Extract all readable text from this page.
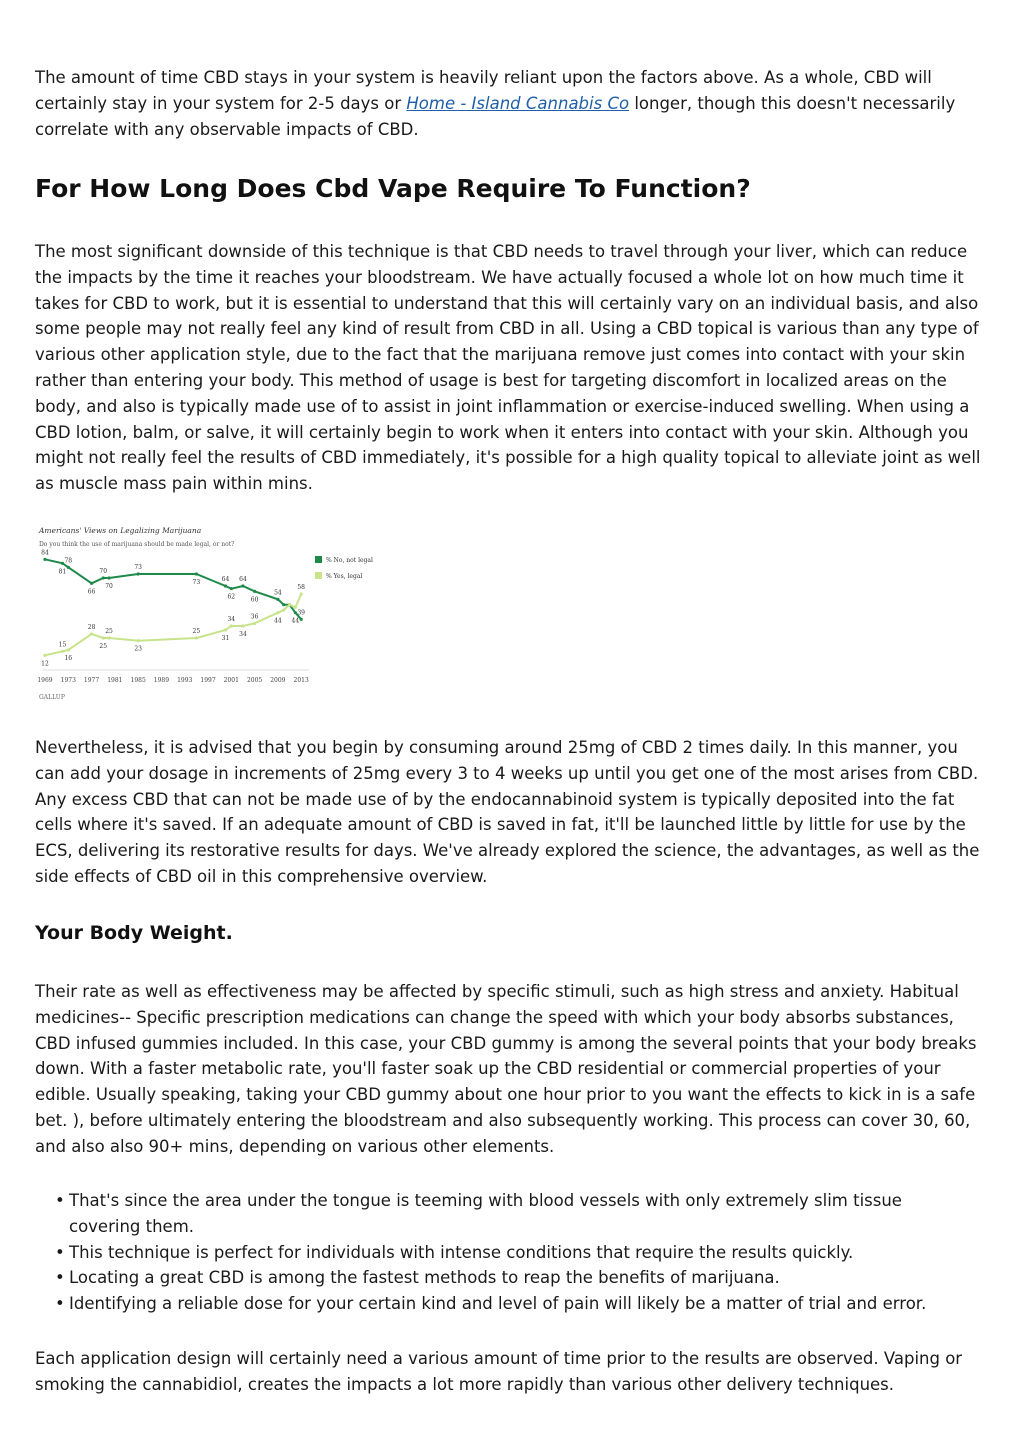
The amount of time CBD stays in your system is heavily reliant upon the factors above. As a whole, CBD will certainly stay in your system for 2-5 days or Home - Island Cannabis Co longer, though this doesn't necessarily correlate with any observable impacts of CBD.

For How Long Does Cbd Vape Require To Function?

The most significant downside of this technique is that CBD needs to travel through your liver, which can reduce the impacts by the time it reaches your bloodstream. We have actually focused a whole lot on how much time it takes for CBD to work, but it is essential to understand that this will certainly vary on an individual basis, and also some people may not really feel any kind of result from CBD in all. Using a CBD topical is various than any type of various other application style, due to the fact that the marijuana remove just comes into contact with your skin rather than entering your body. This method of usage is best for targeting discomfort in localized areas on the body, and also is typically made use of to assist in joint inflammation or exercise-induced swelling. When using a CBD lotion, balm, or salve, it will certainly begin to work when it enters into contact with your skin. Although you might not really feel the results of CBD immediately, it's possible for a high quality topical to alleviate joint as well as muscle mass pain within mins.

Nevertheless, it is advised that you begin by consuming around 25mg of CBD 2 times daily. In this manner, you can add your dosage in increments of 25mg every 3 to 4 weeks up until you get one of the most arises from CBD. Any excess CBD that can not be made use of by the endocannabinoid system is typically deposited into the fat cells where it's saved. If an adequate amount of CBD is saved in fat, it'll be launched little by little for use by the ECS, delivering its restorative results for days. We've already explored the science, the advantages, as well as the side effects of CBD oil in this comprehensive overview.

Your Body Weight.

Their rate as well as effectiveness may be affected by specific stimuli, such as high stress and anxiety. Habitual medicines-- Specific prescription medications can change the speed with which your body absorbs substances, CBD infused gummies included. In this case, your CBD gummy is among the several points that your body breaks down. With a faster metabolic rate, you'll faster soak up the CBD residential or commercial properties of your edible. Usually speaking, taking your CBD gummy about one hour prior to you want the effects to kick in is a safe bet. ), before ultimately entering the bloodstream and also subsequently working. This process can cover 30, 60, and also also 90+ mins, depending on various other elements.

• That's since the area under the tongue is teeming with blood vessels with only extremely slim tissue covering them.
• This technique is perfect for individuals with intense conditions that require the results quickly.
• Locating a great CBD is among the fastest methods to reap the benefits of marijuana.
• Identifying a reliable dose for your certain kind and level of pain will likely be a matter of trial and error.

Each application design will certainly need a various amount of time prior to the results are observed. Vaping or smoking the cannabidiol, creates the impacts a lot more rapidly than various other delivery techniques.

Americans' Views on Legalizing Marijuana
Do you think the use of marijuana should be made legal, or not?
1969 1973 1977 1981 1985 1989 1993 1997 2001 2005 2009 2013
84
81
78
66
70
70
73
73	64
62
64
60
54
44
39
12
15
16
28
25
25
23
25
31
34
34
36
44
58
% No, not legal
% Yes, legal
GALLUP
